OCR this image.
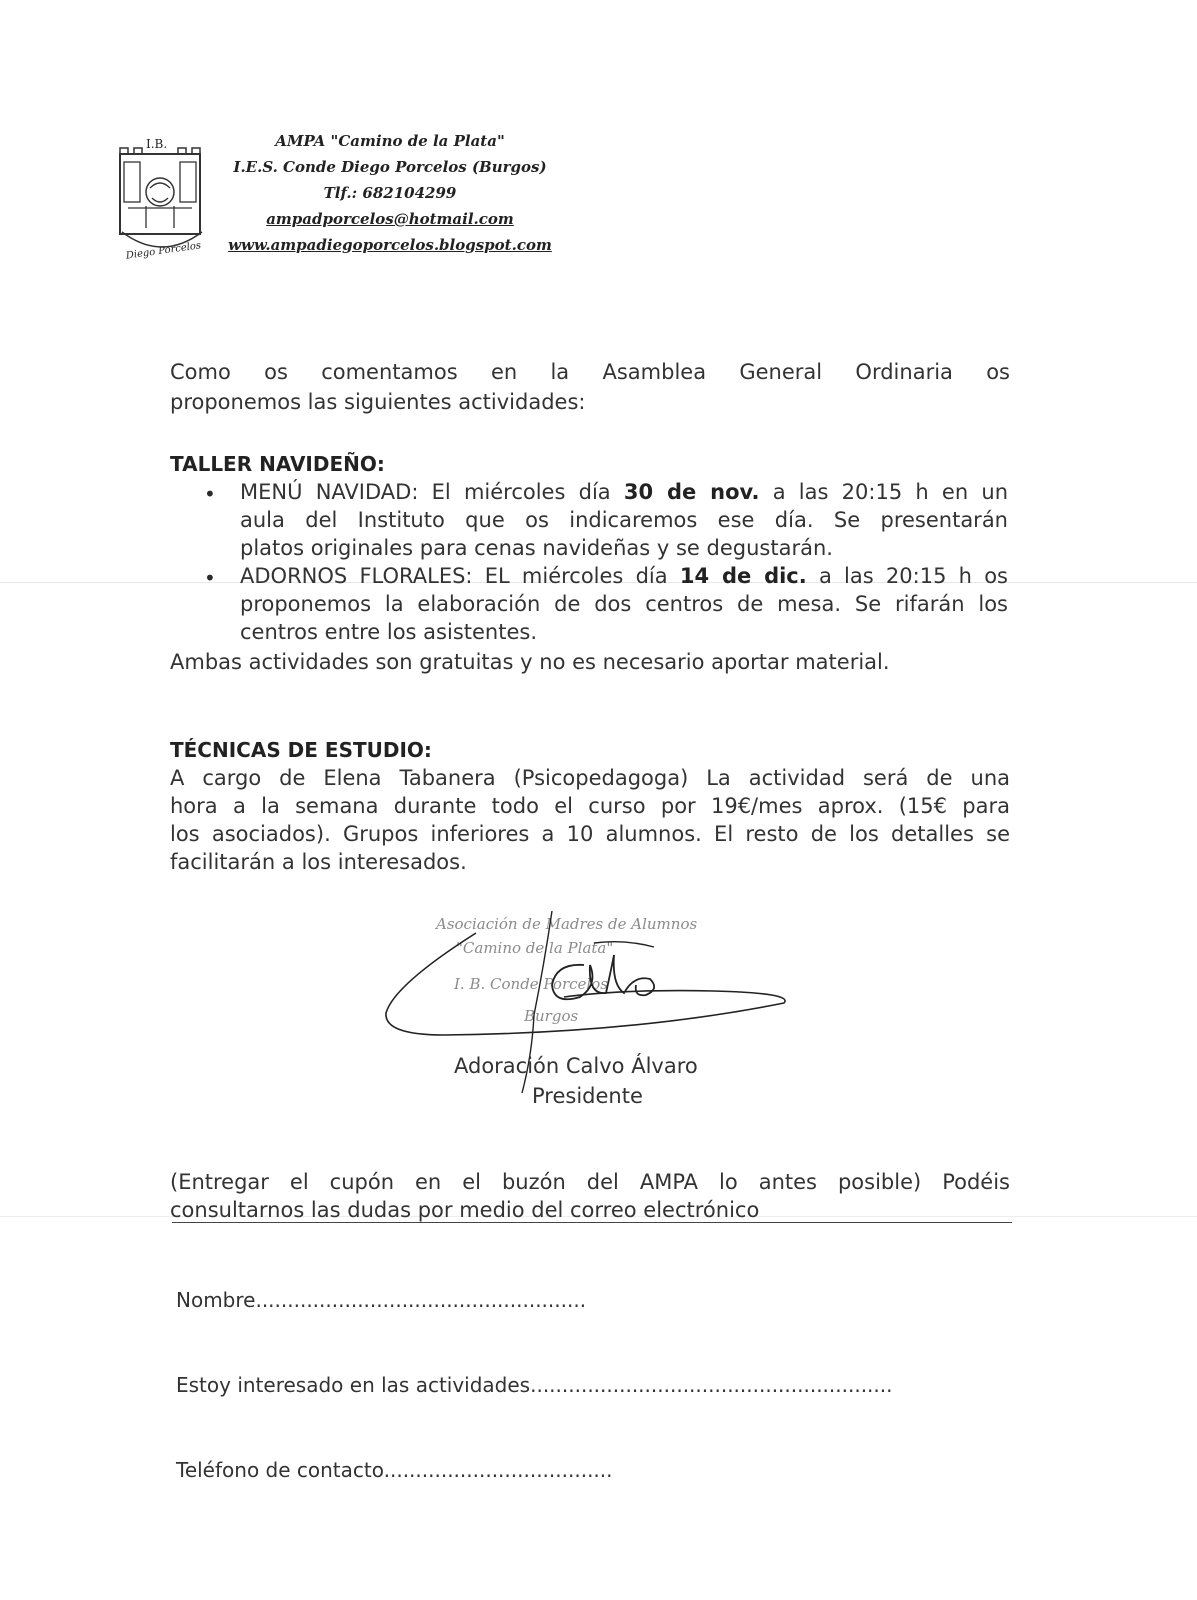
I.B.
Diego Porcelos
AMPA "Camino de la Plata"
I.E.S. Conde Diego Porcelos (Burgos)
Tlf.: 682104299
ampadporcelos@hotmail.com
www.ampadiegoporcelos.blogspot.com
Como os comentamos en la Asamblea General Ordinaria os
proponemos las siguientes actividades:
TALLER NAVIDEÑO:
• MENÚ NAVIDAD: El miércoles día 30 de nov. a las 20:15 h en un
aula del Instituto que os indicaremos ese día. Se presentarán
platos originales para cenas navideñas y se degustarán.
• ADORNOS FLORALES: EL miércoles día 14 de dic. a las 20:15 h os
proponemos la elaboración de dos centros de mesa. Se rifarán los
centros entre los asistentes.
Ambas actividades son gratuitas y no es necesario aportar material.
TÉCNICAS DE ESTUDIO:
A cargo de Elena Tabanera (Psicopedagoga) La actividad será de una
hora a la semana durante todo el curso por 19€/mes aprox. (15€ para
los asociados). Grupos inferiores a 10 alumnos. El resto de los detalles se
facilitarán a los interesados.
Asociación de Madres de Alumnos
"Camino de la Plata"
I. B. Conde Porcelos
Burgos
Adoración Calvo Álvaro
Presidente
(Entregar el cupón en el buzón del AMPA lo antes posible) Podéis
consultarnos las dudas por medio del correo electrónico
Nombre....................................................
Estoy interesado en las actividades.........................................................
Teléfono de contacto....................................
